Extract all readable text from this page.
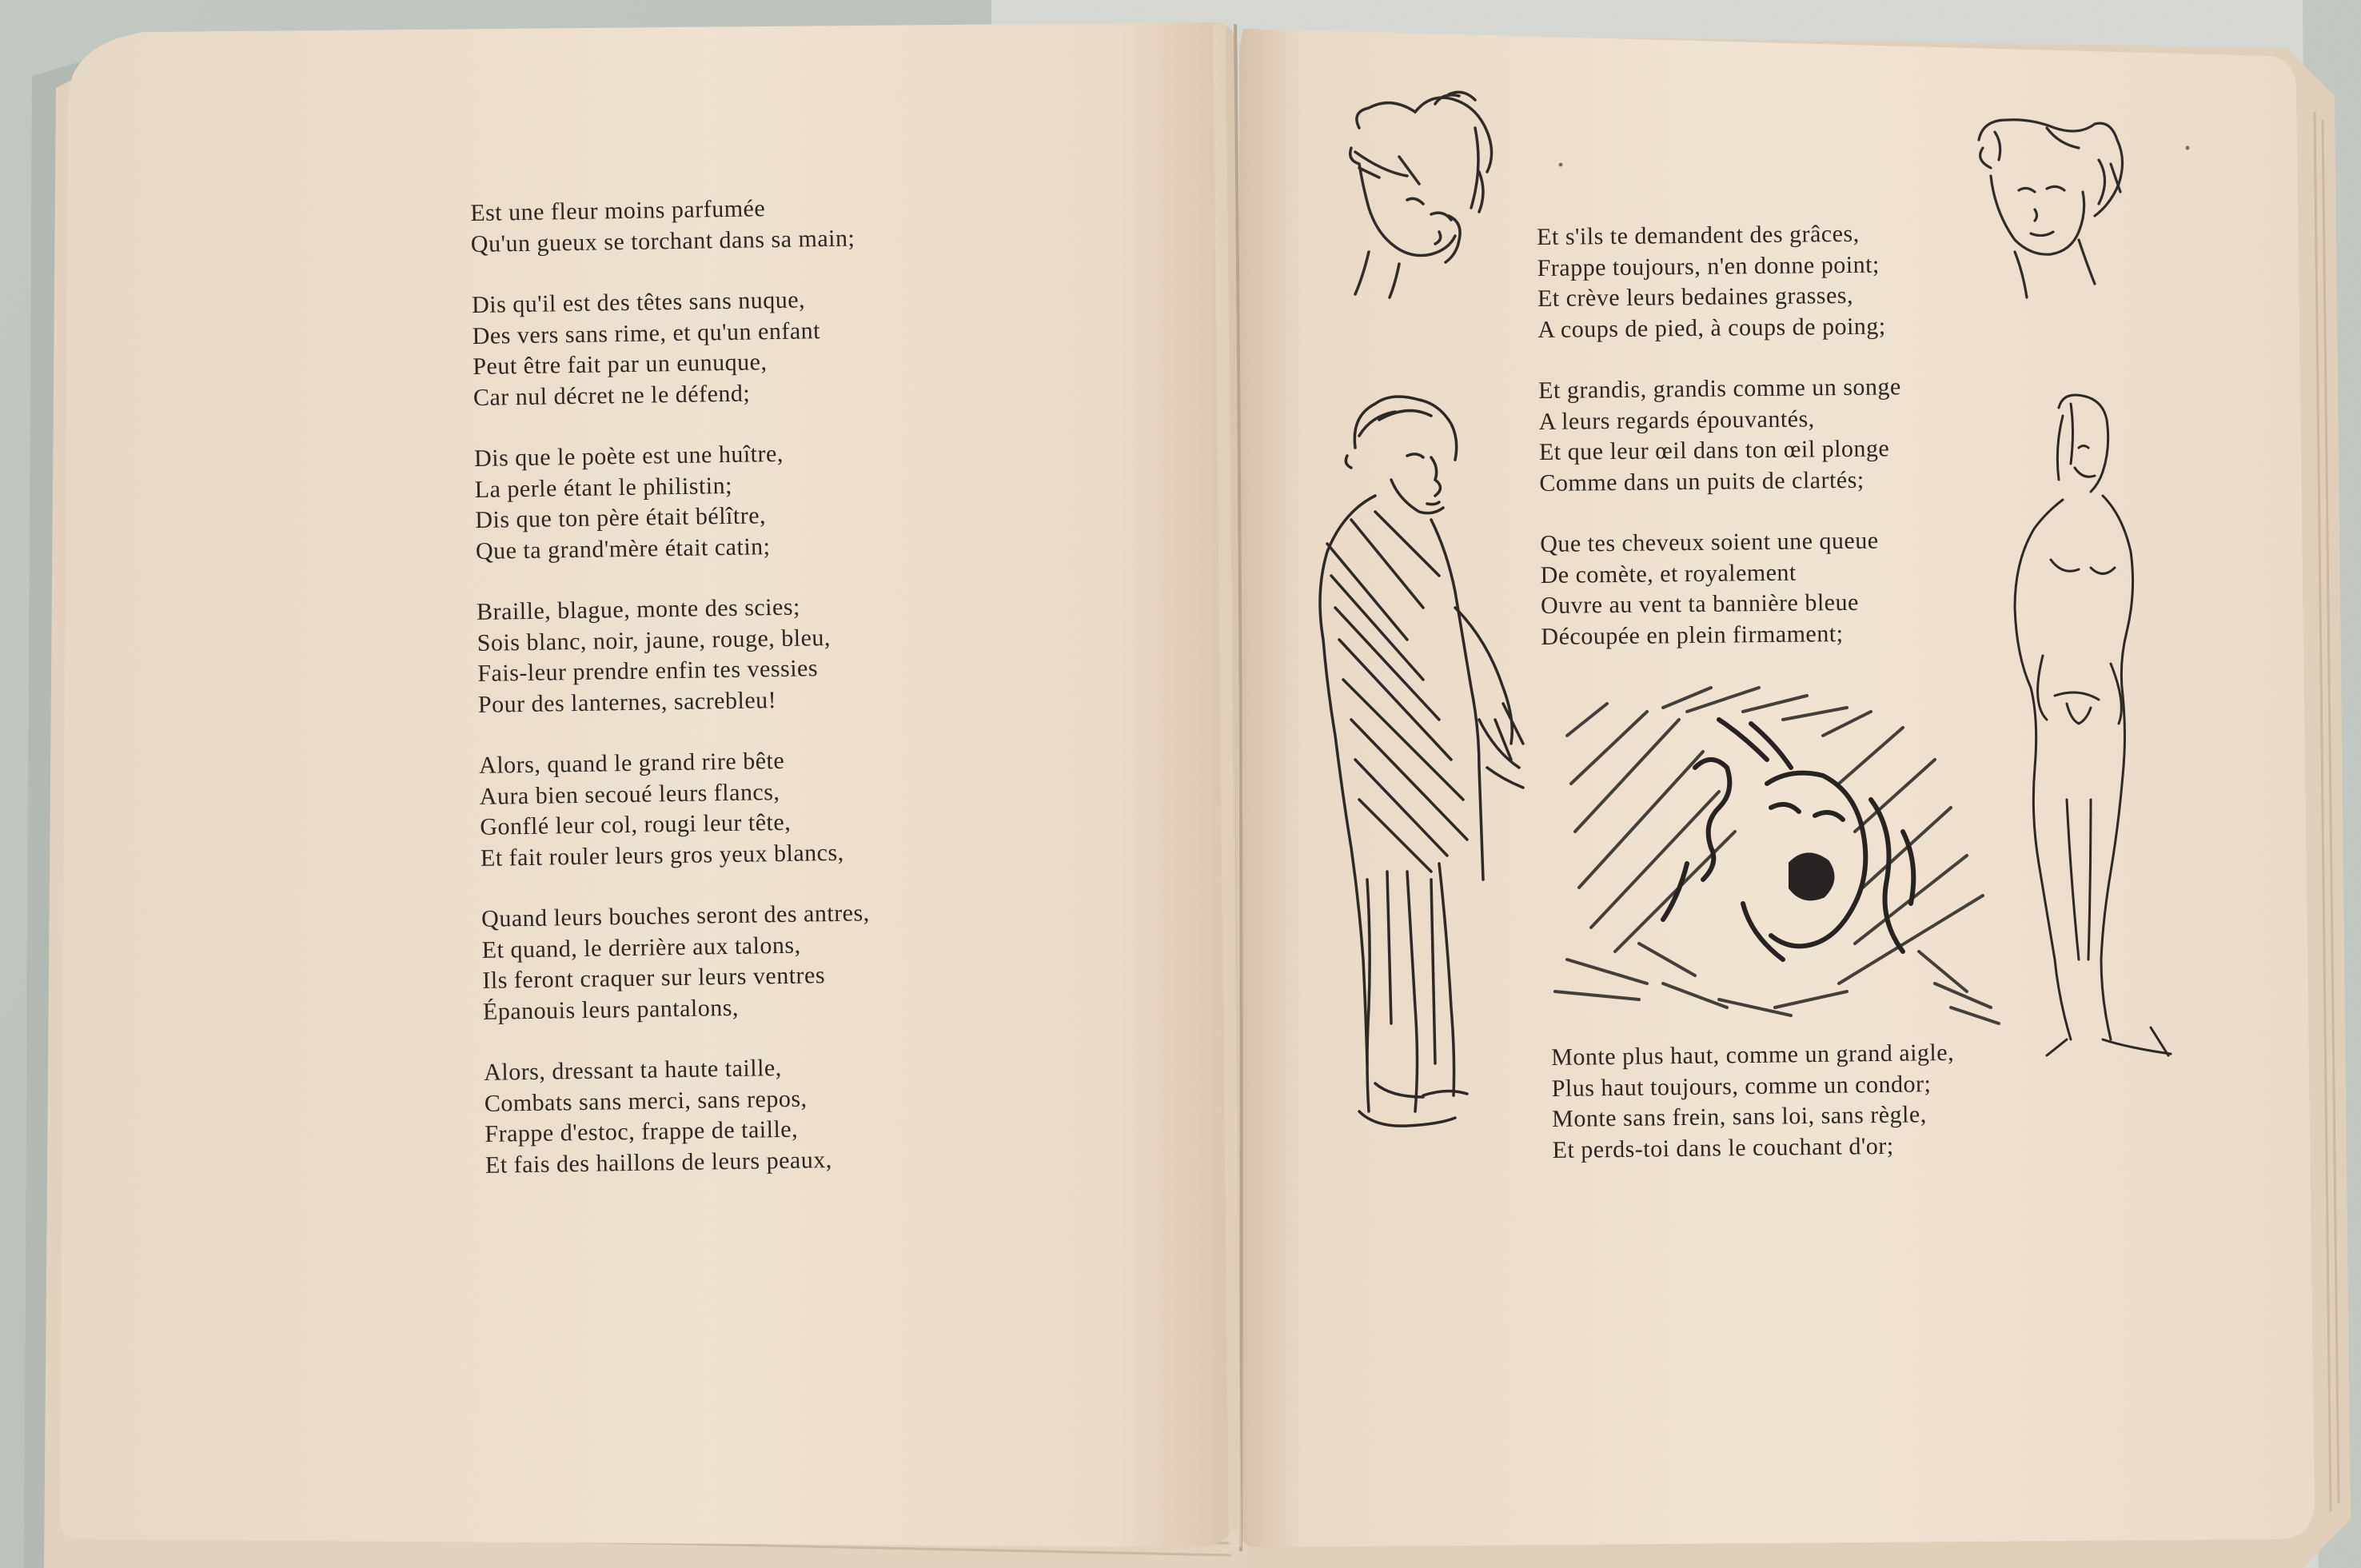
Est une fleur moins parfumée
Qu'un gueux se torchant dans sa main;
Dis qu'il est des têtes sans nuque,
Des vers sans rime, et qu'un enfant
Peut être fait par un eunuque,
Car nul décret ne le défend;
Dis que le poète est une huître,
La perle étant le philistin;
Dis que ton père était bélître,
Que ta grand'mère était catin;
Braille, blague, monte des scies;
Sois blanc, noir, jaune, rouge, bleu,
Fais-leur prendre enfin tes vessies
Pour des lanternes, sacrebleu!
Alors, quand le grand rire bête
Aura bien secoué leurs flancs,
Gonflé leur col, rougi leur tête,
Et fait rouler leurs gros yeux blancs,
Quand leurs bouches seront des antres,
Et quand, le derrière aux talons,
Ils feront craquer sur leurs ventres
Épanouis leurs pantalons,
Alors, dressant ta haute taille,
Combats sans merci, sans repos,
Frappe d'estoc, frappe de taille,
Et fais des haillons de leurs peaux,
Et s'ils te demandent des grâces,
Frappe toujours, n'en donne point;
Et crève leurs bedaines grasses,
A coups de pied, à coups de poing;
Et grandis, grandis comme un songe
A leurs regards épouvantés,
Et que leur œil dans ton œil plonge
Comme dans un puits de clartés;
Que tes cheveux soient une queue
De comète, et royalement
Ouvre au vent ta bannière bleue
Découpée en plein firmament;
Monte plus haut, comme un grand aigle,
Plus haut toujours, comme un condor;
Monte sans frein, sans loi, sans règle,
Et perds-toi dans le couchant d'or;
